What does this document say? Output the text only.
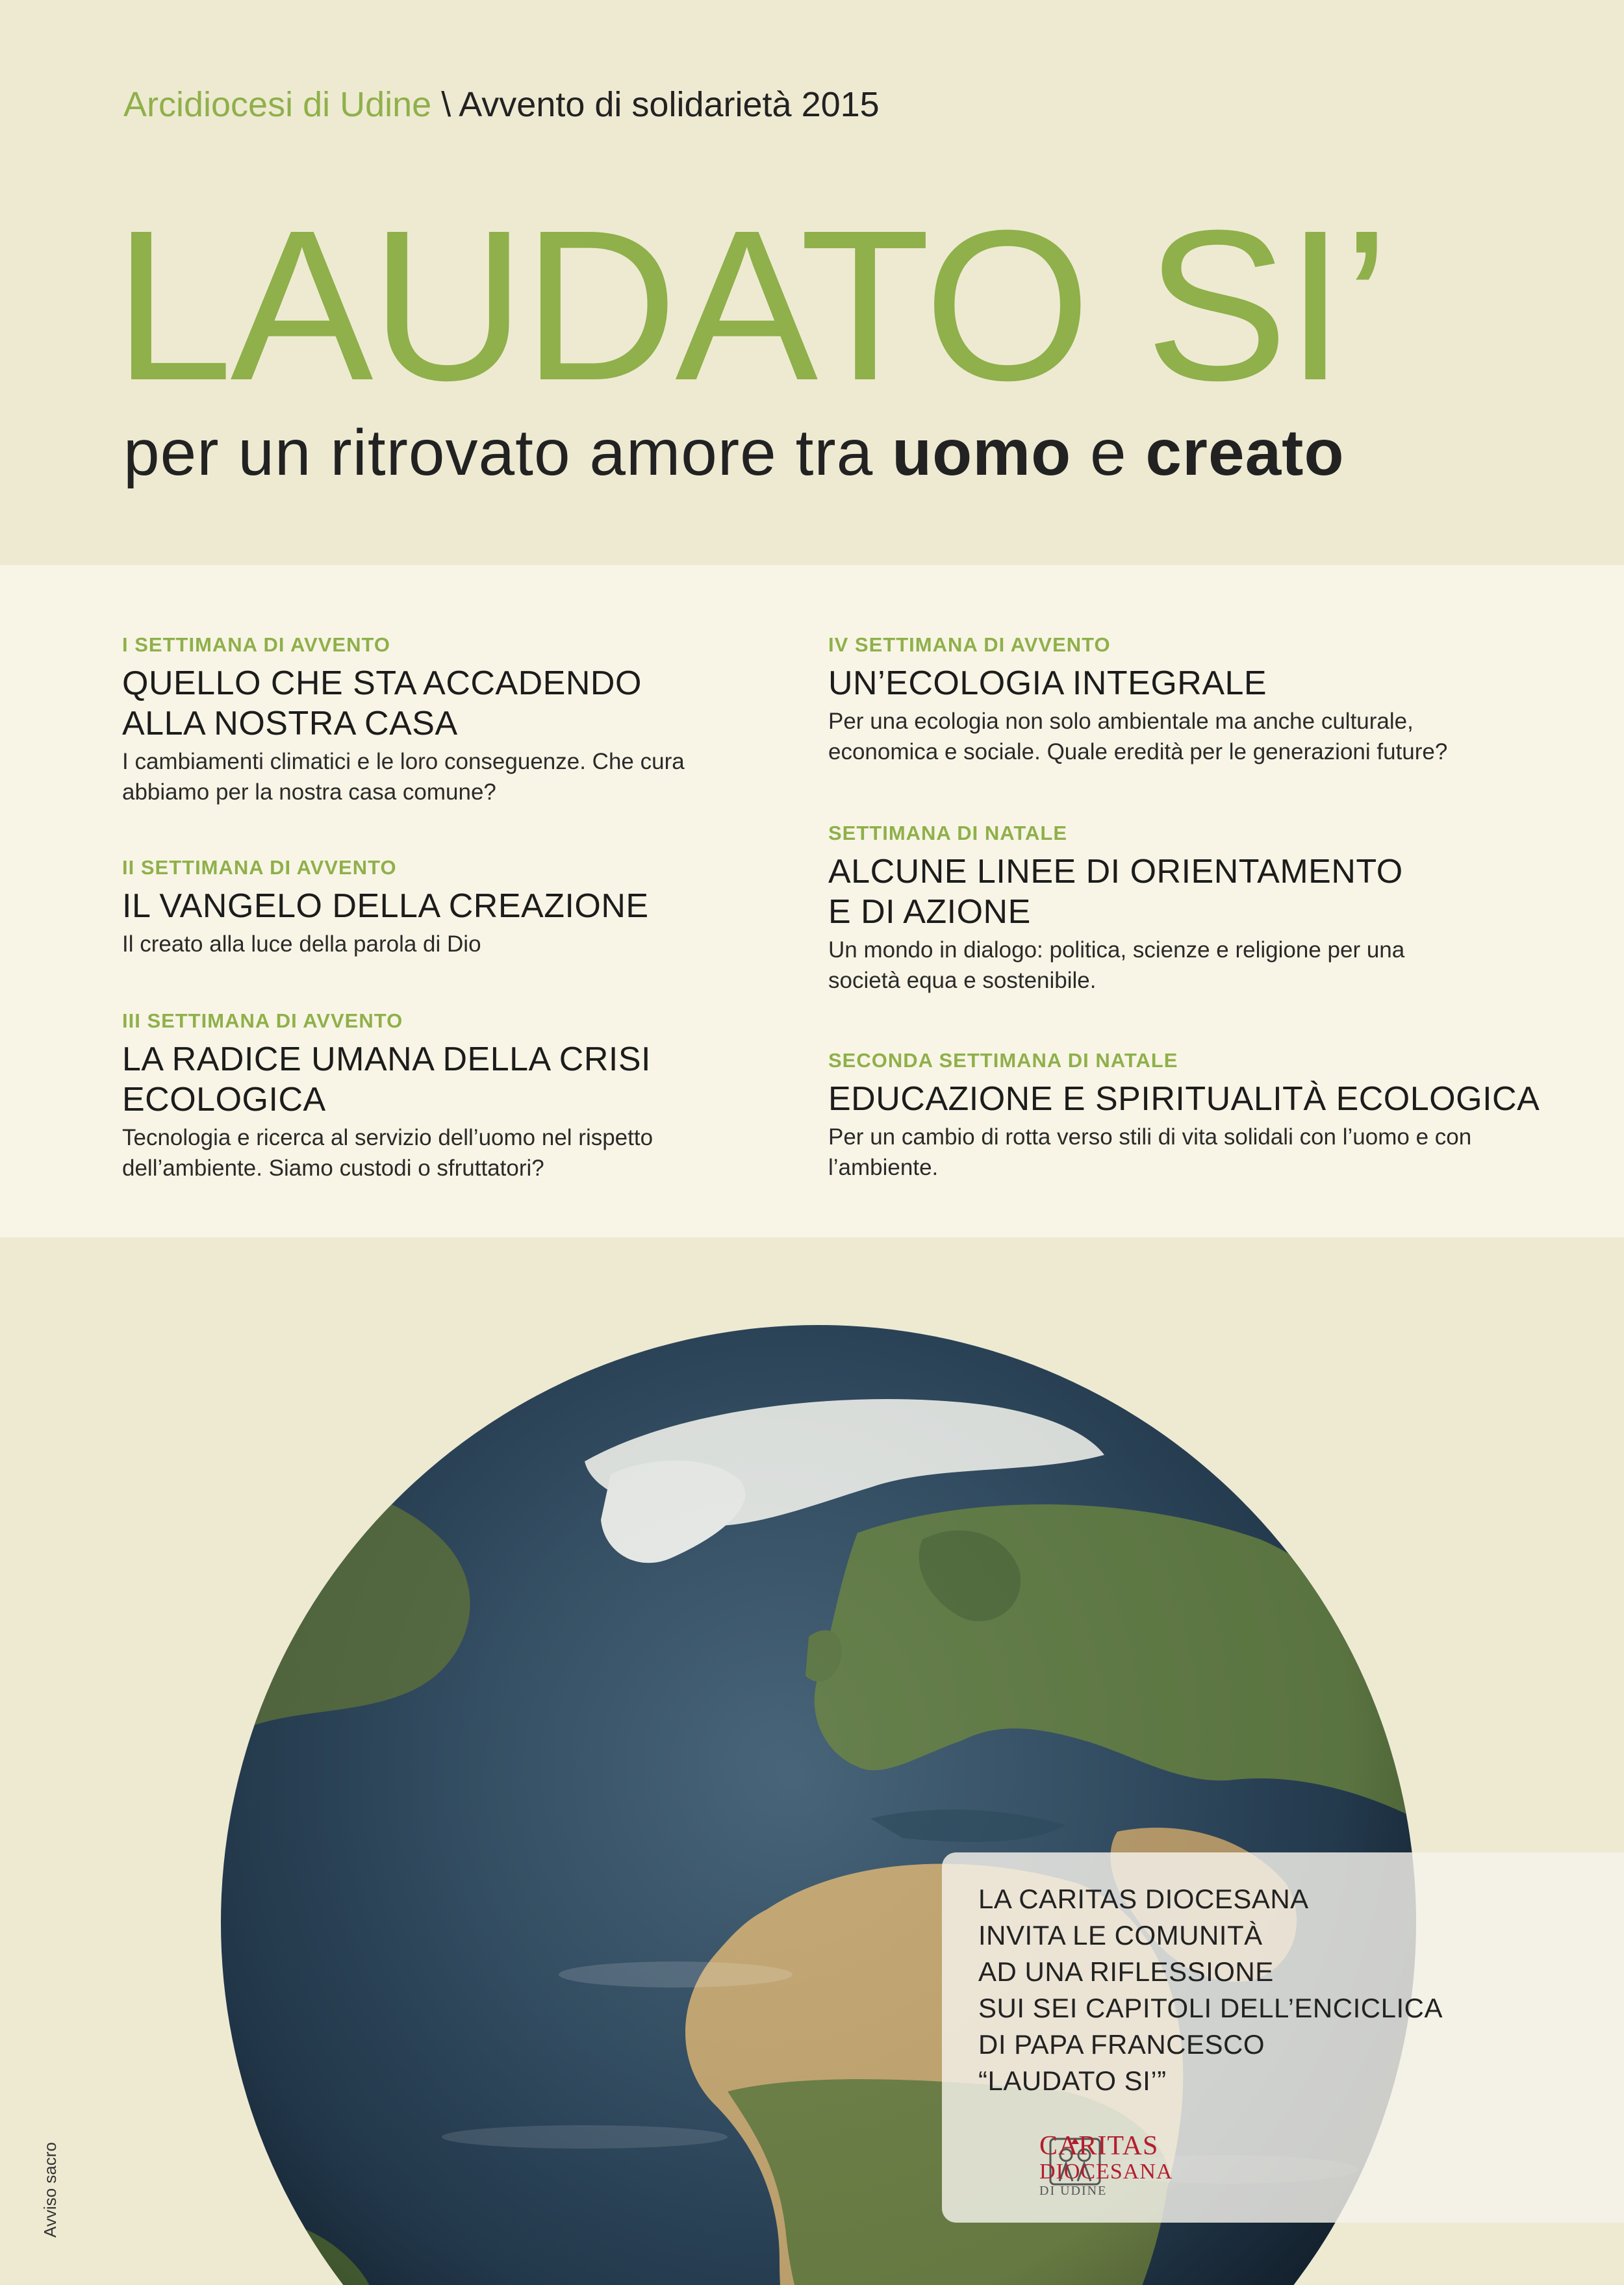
Arcidiocesi di Udine \ Avvento di solidarietà 2015
LAUDATO SI’
per un ritrovato amore tra uomo e creato

I SETTIMANA DI AVVENTO

QUELLO CHE STA ACCADENDO
ALLA NOSTRA CASA
I cambiamenti climatici e le loro conseguenze. Che cura
abbiamo per la nostra casa comune?

II SETTIMANA DI AVVENTO

IL VANGELO DELLA CREAZIONE
Il creato alla luce della parola di Dio

III SETTIMANA DI AVVENTO

LA RADICE UMANA DELLA CRISI
ECOLOGICA
Tecnologia e ricerca al servizio dell’uomo nel rispetto
dell’ambiente. Siamo custodi o sfruttatori?

IV SETTIMANA DI AVVENTO

UN’ECOLOGIA INTEGRALE
Per una ecologia non solo ambientale ma anche culturale,
economica e sociale. Quale eredità per le generazioni future?

SETTIMANA DI NATALE

ALCUNE LINEE DI ORIENTAMENTO
E DI AZIONE
Un mondo in dialogo: politica, scienze e religione per una
società equa e sostenibile.

SECONDA SETTIMANA DI NATALE

EDUCAZIONE E SPIRITUALITÀ ECOLOGICA
Per un cambio di rotta verso stili di vita solidali con l’uomo e con
l’ambiente.
LA CARITAS DIOCESANA
INVITA LE COMUNITÀ
AD UNA RIFLESSIONE
SUI SEI CAPITOLI DELL’ENCICLICA
DI PAPA FRANCESCO
“LAUDATO SI’”
CARITAS
DIOCESANA
DI UDINE
Avviso sacro
